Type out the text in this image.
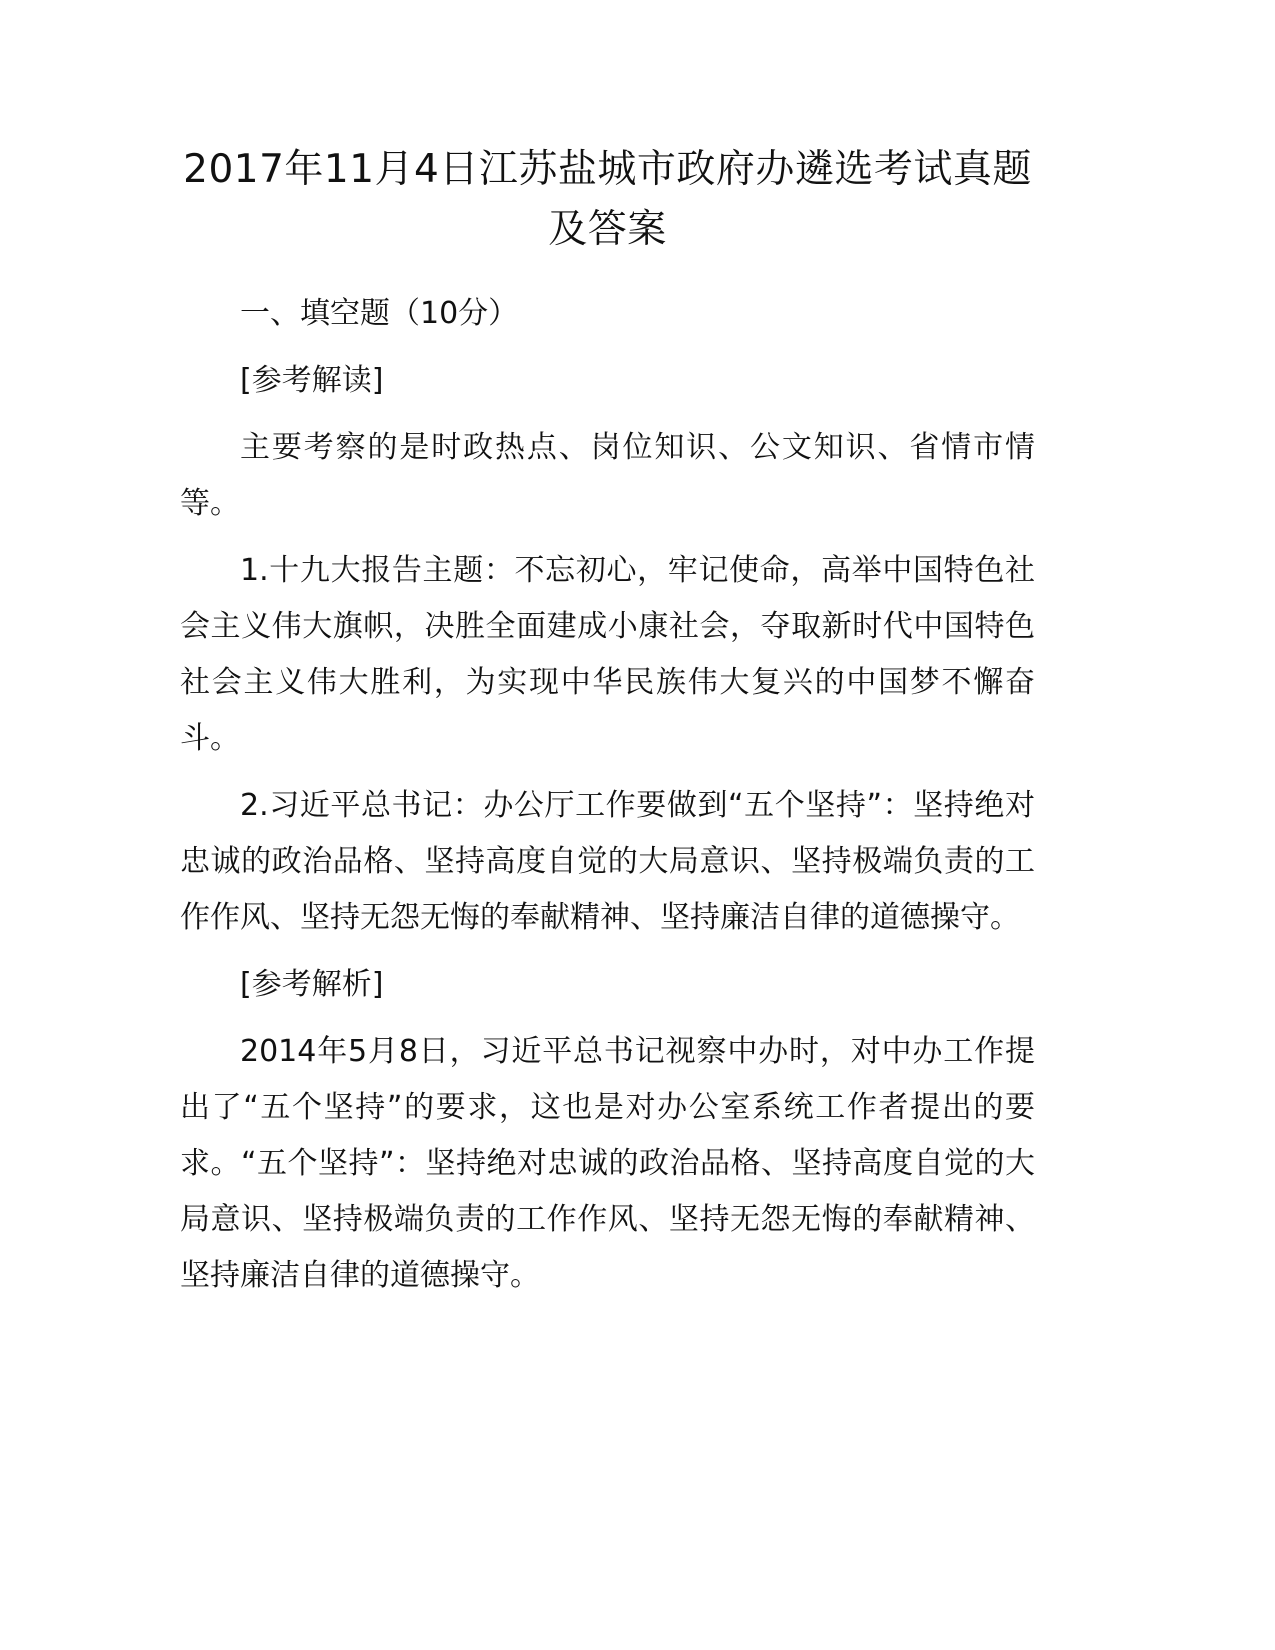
2017年11月4日江苏盐城市政府办遴选考试真题及答案

一、填空题（10分）

[参考解读]

主要考察的是时政热点、岗位知识、公文知识、省情市情等。

1.十九大报告主题：不忘初心，牢记使命，高举中国特色社会主义伟大旗帜，决胜全面建成小康社会，夺取新时代中国特色社会主义伟大胜利，为实现中华民族伟大复兴的中国梦不懈奋斗。

2.习近平总书记：办公厅工作要做到“五个坚持”：坚持绝对忠诚的政治品格、坚持高度自觉的大局意识、坚持极端负责的工作作风、坚持无怨无悔的奉献精神、坚持廉洁自律的道德操守。

[参考解析]

2014年5月8日，习近平总书记视察中办时，对中办工作提出了“五个坚持”的要求，这也是对办公室系统工作者提出的要求。“五个坚持”：坚持绝对忠诚的政治品格、坚持高度自觉的大局意识、坚持极端负责的工作作风、坚持无怨无悔的奉献精神、坚持廉洁自律的道德操守。
